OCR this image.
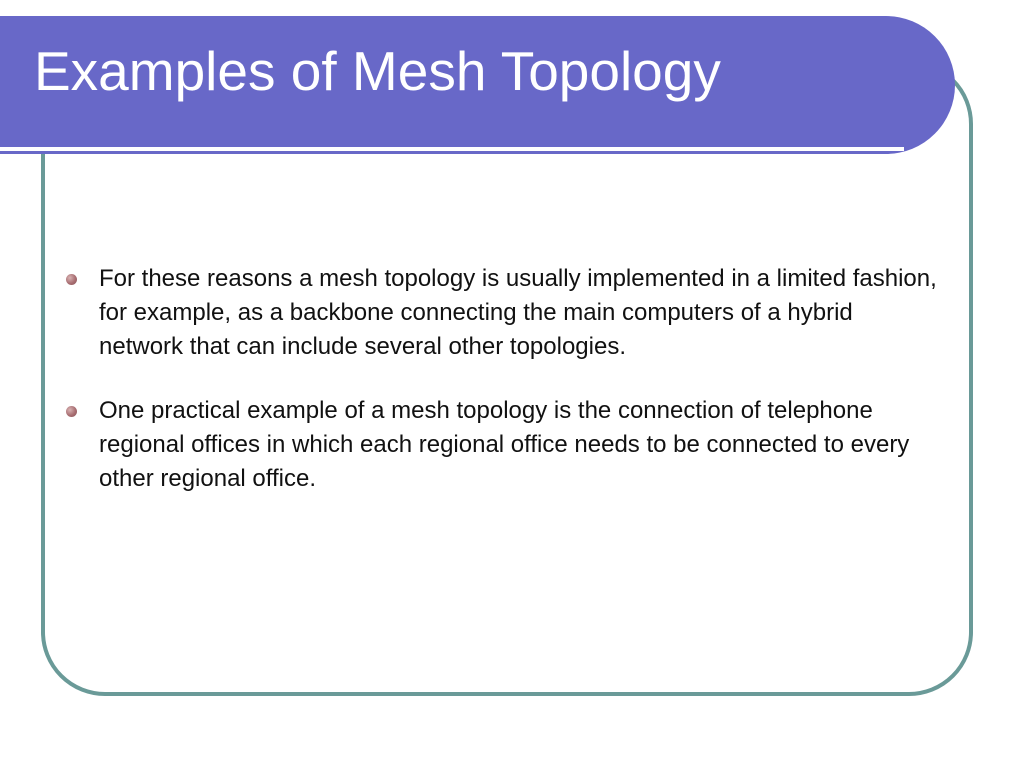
Examples of Mesh Topology
For these reasons a mesh topology is usually implemented in a limited fashion, for example, as a backbone connecting the main computers of a hybrid network that can include several other topologies.
One practical example of a mesh topology is the connection of telephone regional offices in which each regional office needs to be connected to every other regional office.
